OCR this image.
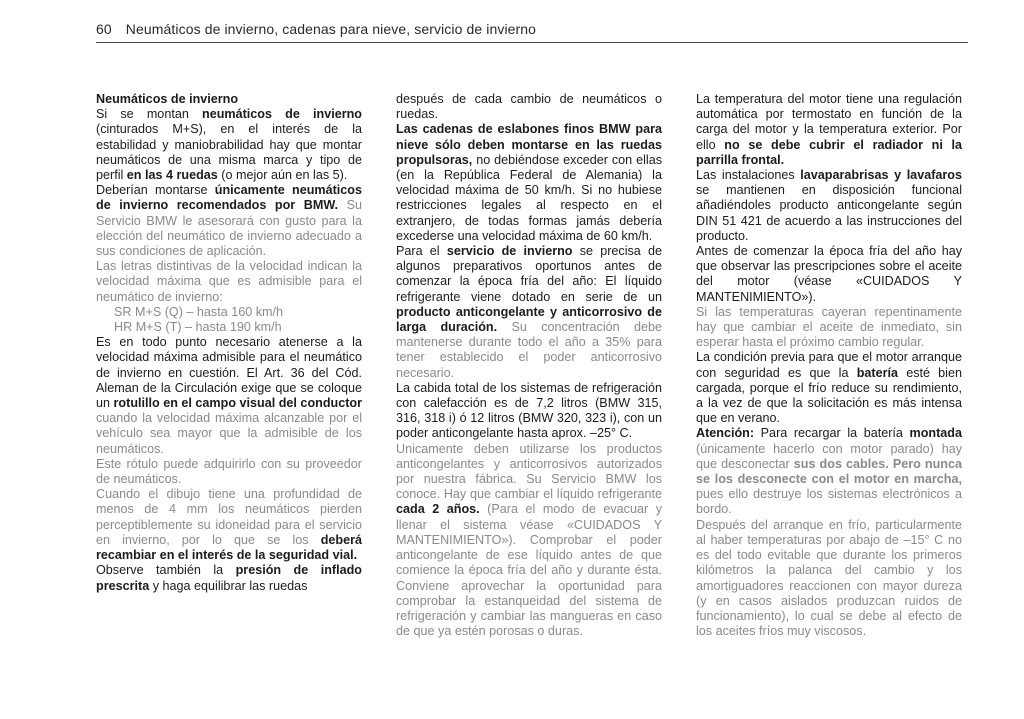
60 Neumáticos de invierno, cadenas para nieve, servicio de invierno

Neumáticos de invierno

Si se montan neumáticos de invierno (cinturados M+S), en el interés de la estabilidad y maniobrabilidad hay que montar neumáticos de una misma marca y tipo de perfil en las 4 ruedas (o mejor aún en las 5).

Deberían montarse únicamente neumáticos de invierno recomendados por BMW. Su Servicio BMW le asesorará con gusto para la elección del neumático de invierno adecuado a sus condiciones de aplicación.

Las letras distintivas de la velocidad indican la velocidad máxima que es admisible para el neumático de invierno:

SR M+S (Q) – hasta 160 km/h
HR M+S (T) – hasta 190 km/h

Es en todo punto necesario atenerse a la velocidad máxima admisible para el neumático de invierno en cuestión. El Art. 36 del Cód. Aleman de la Circulación exige que se coloque un rotulillo en el campo visual del conductor cuando la velocidad máxima alcanzable por el vehículo sea mayor que la admisible de los neumáticos.

Este rótulo puede adquirirlo con su proveedor de neumáticos.

Cuando el dibujo tiene una profundidad de menos de 4 mm los neumáticos pierden perceptiblemente su idoneidad para el servicio en invierno, por lo que se los deberá recambiar en el interés de la seguridad vial.

Observe también la presión de inflado prescrita y haga equilibrar las ruedas

después de cada cambio de neumáticos o ruedas.

Las cadenas de eslabones finos BMW para nieve sólo deben montarse en las ruedas propulsoras, no debiéndose exceder con ellas (en la República Federal de Alemania) la velocidad máxima de 50 km/h. Si no hubiese restricciones legales al respecto en el extranjero, de todas formas jamás debería excederse una velocidad máxima de 60 km/h.

Para el servicio de invierno se precisa de algunos preparativos oportunos antes de comenzar la época fría del año: El líquido refrigerante viene dotado en serie de un producto anticongelante y anticorrosivo de larga duración. Su concentración debe mantenerse durante todo el año a 35% para tener establecido el poder anticorrosivo necesario.

La cabida total de los sistemas de refrigeración con calefacción es de 7,2 litros (BMW 315, 316, 318 i) ó 12 litros (BMW 320, 323 i), con un poder anticongelante hasta aprox. –25° C.

Unicamente deben utilizarse los productos anticongelantes y anticorrosivos autorizados por nuestra fábrica. Su Servicio BMW los conoce. Hay que cambiar el líquido refrigerante cada 2 años. (Para el modo de evacuar y llenar el sistema véase «CUIDADOS Y MANTENIMIENTO»). Comprobar el poder anticongelante de ese líquido antes de que comience la época fría del año y durante ésta. Conviene aprovechar la oportunidad para comprobar la estanqueidad del sistema de refrigeración y cambiar las mangueras en caso de que ya estén porosas o duras.

La temperatura del motor tiene una regulación automática por termostato en función de la carga del motor y la temperatura exterior. Por ello no se debe cubrir el radiador ni la parrilla frontal.

Las instalaciones lavaparabrisas y lavafaros se mantienen en disposición funcional añadiéndoles producto anticongelante según DIN 51 421 de acuerdo a las instrucciones del producto.

Antes de comenzar la época fría del año hay que observar las prescripciones sobre el aceite del motor (véase «CUIDADOS Y MANTENIMIENTO»).

Si las temperaturas cayeran repentinamente hay que cambiar el aceite de inmediato, sin esperar hasta el próximo cambio regular.

La condición previa para que el motor arranque con seguridad es que la batería esté bien cargada, porque el frío reduce su rendimiento, a la vez de que la solicitación es más intensa que en verano.

Atención: Para recargar la batería montada (únicamente hacerlo con motor parado) hay que desconectar sus dos cables. Pero nunca se los desconecte con el motor en marcha, pues ello destruye los sistemas electrónicos a bordo.

Después del arranque en frío, particularmente al haber temperaturas por abajo de –15° C no es del todo evitable que durante los primeros kilómetros la palanca del cambio y los amortiguadores reaccionen con mayor dureza (y en casos aislados produzcan ruidos de funcionamiento), lo cual se debe al efecto de los aceites fríos muy viscosos.
